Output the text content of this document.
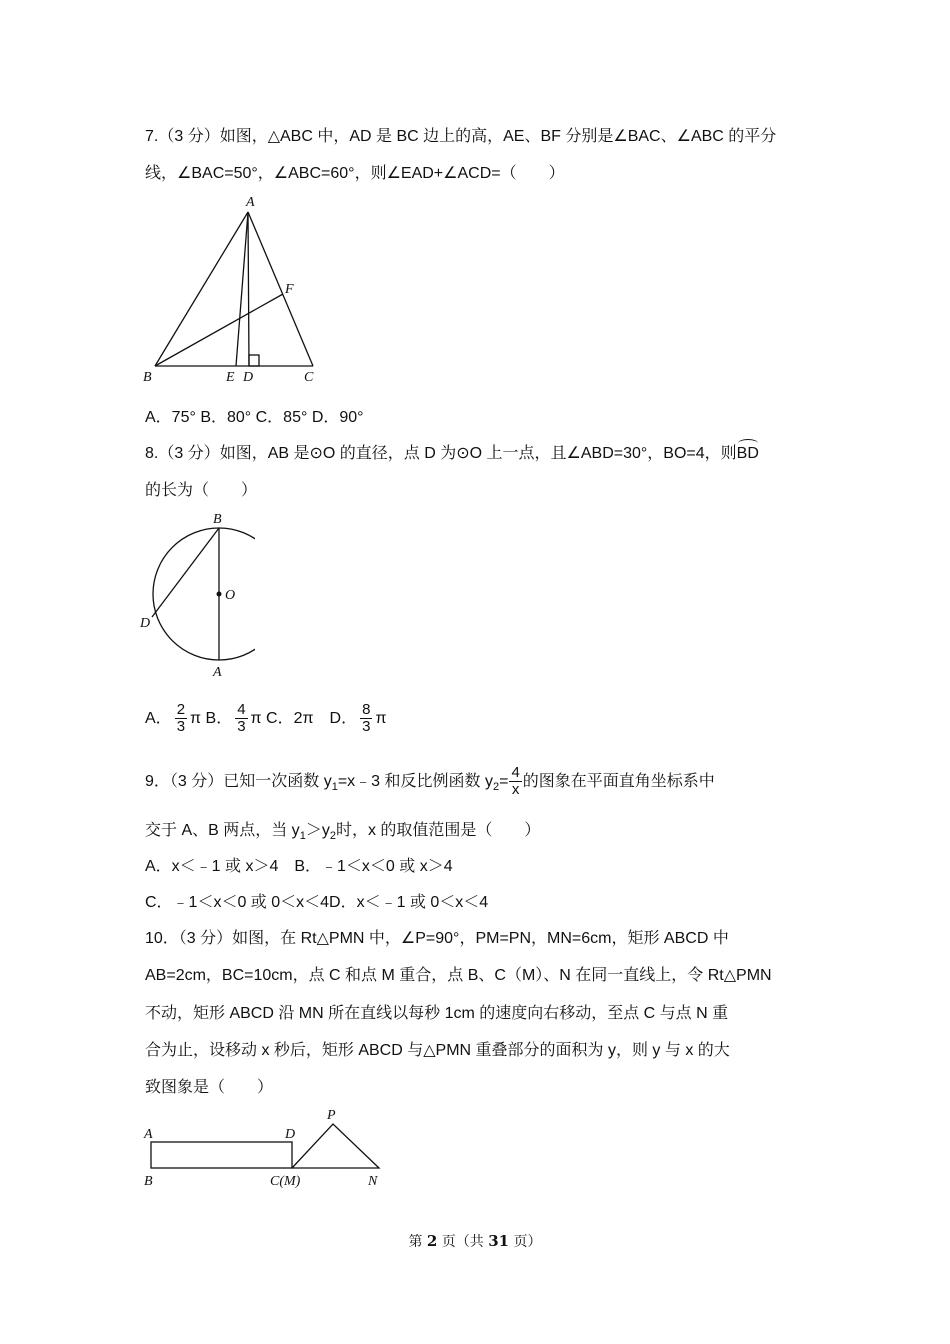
7.（3 分）如图，△ABC 中，AD 是 BC 边上的高，AE、BF 分别是∠BAC、∠ABC 的平分
线，∠BAC=50°，∠ABC=60°，则∠EAD+∠ACD=（　　）
A
B	C
D
E
F
A．75° B．80° C．85° D．90°
8.（3 分）如图，AB 是⊙O 的直径，点 D 为⊙O 上一点，且∠ABD=30°，BO=4，则BD
的长为（　　）
B
A
O
D
A． $\frac{2}{3}$ π B． $\frac{4}{3}$ π C．2π　D． $\frac{8}{3}$ π
9．（3 分）已知一次函数 $y_1=x﹣3$ 和反比例函数 $y_2= \frac{4}{x}$ 的图象在平面直角坐标系中
交于 A、B 两点，当 $y_1>y_2$时，x 的取值范围是（　　）
A．x＜﹣1 或 x＞4　B．﹣1＜x＜0 或 x＞4
C．﹣1＜x＜0 或 0＜x＜4D．x＜﹣1 或 0＜x＜4
10．（3 分）如图，在 Rt△PMN 中，∠P=90°，PM=PN，MN=6cm，矩形 ABCD 中
AB=2cm，BC=10cm，点 C 和点 M 重合，点 B、C（M）、N 在同一直线上，令 Rt△PMN
不动，矩形 ABCD 沿 MN 所在直线以每秒 1cm 的速度向右移动，至点 C 与点 N 重
合为止，设移动 x 秒后，矩形 ABCD 与△PMN 重叠部分的面积为 y，则 y 与 x 的大
致图象是（　　）
A
B
D
C(M)	N
P
第 2 页（共 31 页）
